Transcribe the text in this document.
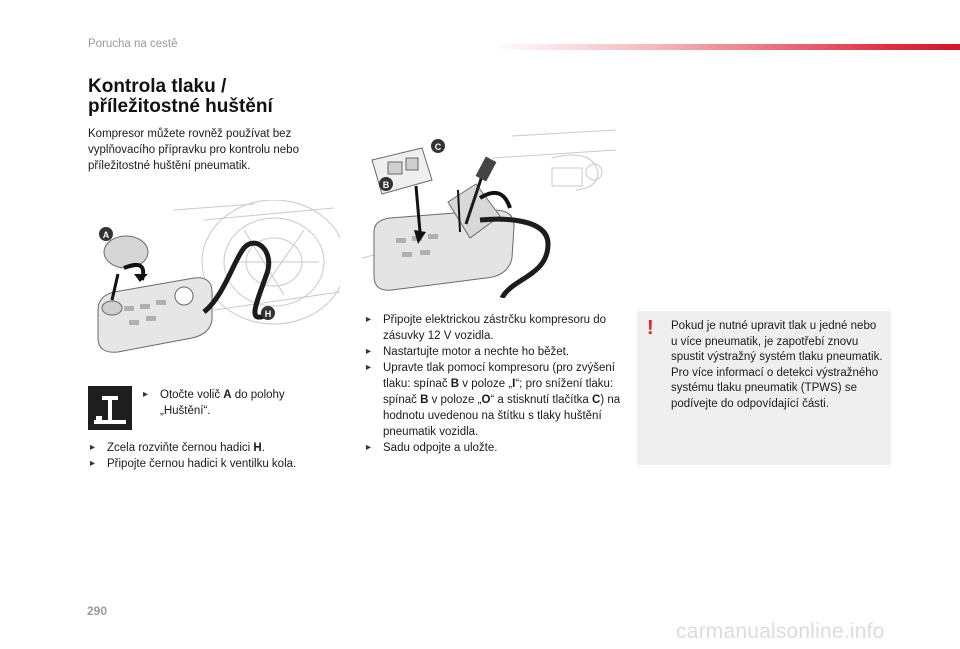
Porucha na cestě
Kontrola tlaku /
příležitostné huštění

Kompresor můžete rovněž používat bez vyplňovacího přípravku pro kontrolu nebo příležitostné huštění pneumatik.

A
H
C
B
▸ Otočte volič A do polohy „Huštění“.
▸ Zcela rozviňte černou hadici H.
▸ Připojte černou hadici k ventilku kola.
▸ Připojte elektrickou zástrčku kompresoru do zásuvky 12 V vozidla.
▸ Nastartujte motor a nechte ho běžet.
▸ Upravte tlak pomocí kompresoru (pro zvýšení tlaku: spínač B v poloze „I“; pro snížení tlaku: spínač B v poloze „O“ a stisknutí tlačítka C) na hodnotu uvedenou na štítku s tlaky huštění pneumatik vozidla.
▸ Sadu odpojte a uložte.
! Pokud je nutné upravit tlak u jedné nebo u více pneumatik, je zapotřebí znovu spustit výstražný systém tlaku pneumatik.
Pro více informací o detekci výstražného systému tlaku pneumatik (TPWS) se podívejte do odpovídající části.

290
carmanualsonline.info
